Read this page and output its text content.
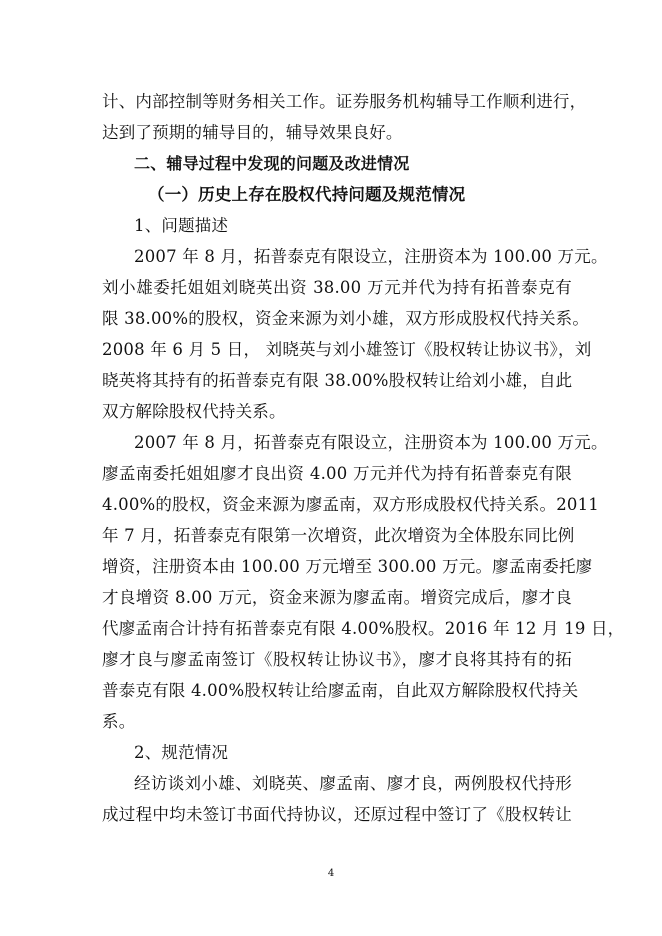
计、内部控制等财务相关工作。证券服务机构辅导工作顺利进行，
达到了预期的辅导目的，辅导效果良好。
二、辅导过程中发现的问题及改进情况
（一）历史上存在股权代持问题及规范情况
1、问题描述
2007 年 8 月，拓普泰克有限设立，注册资本为 100.00 万元。
刘小雄委托姐姐刘晓英出资 38.00 万元并代为持有拓普泰克有
限 38.00%的股权，资金来源为刘小雄，双方形成股权代持关系。
2008 年 6 月 5 日， 刘晓英与刘小雄签订《股权转让协议书》，刘
晓英将其持有的拓普泰克有限 38.00%股权转让给刘小雄，自此
双方解除股权代持关系。
2007 年 8 月，拓普泰克有限设立，注册资本为 100.00 万元。
廖孟南委托姐姐廖才良出资 4.00 万元并代为持有拓普泰克有限
4.00%的股权，资金来源为廖孟南，双方形成股权代持关系。2011
年 7 月，拓普泰克有限第一次增资，此次增资为全体股东同比例
增资，注册资本由 100.00 万元增至 300.00 万元。廖孟南委托廖
才良增资 8.00 万元，资金来源为廖孟南。增资完成后，廖才良
代廖孟南合计持有拓普泰克有限 4.00%股权。2016 年 12 月 19 日，
廖才良与廖孟南签订《股权转让协议书》，廖才良将其持有的拓
普泰克有限 4.00%股权转让给廖孟南，自此双方解除股权代持关
系。
2、规范情况
经访谈刘小雄、刘晓英、廖孟南、廖才良，两例股权代持形
成过程中均未签订书面代持协议，还原过程中签订了《股权转让
4
